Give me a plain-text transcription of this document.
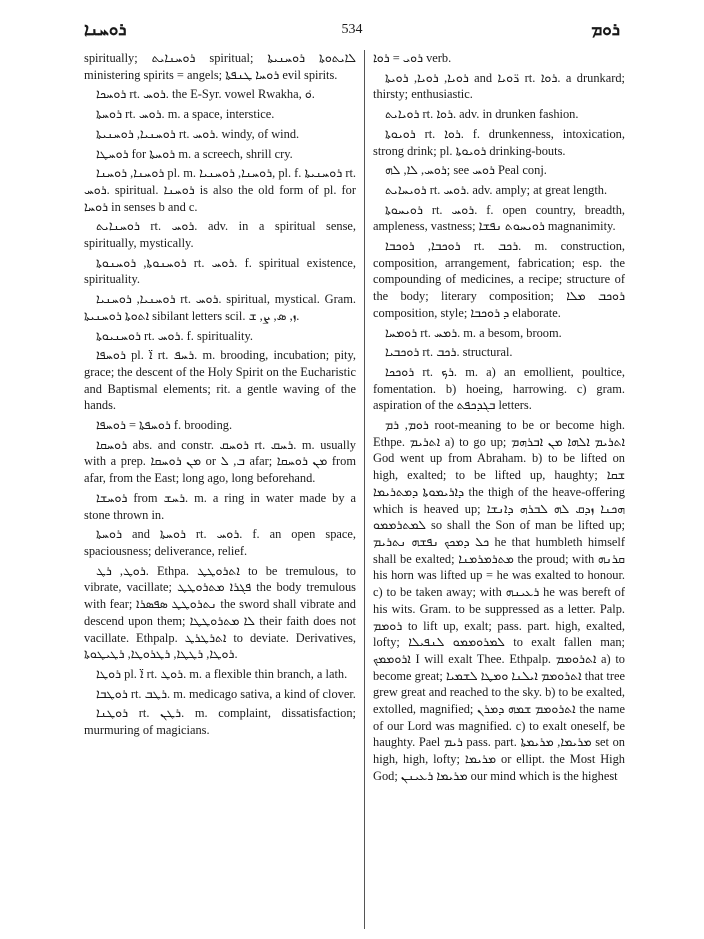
ܪܘܚܢܐ	534	ܪܘܡ

spiritually; ܪܘܚܢܐܝܬ spiritual; ܠܐܝܬܘܬܐ ܪܘܚܢܝܬܐ ministering spirits = angels; ܪܘܚܐ ܛܢܦܬܐ evil spirits.

ܪܘܚܟܐ rt. ܪܘܚ. the E-Syr. vowel Rwakha, ܘ݁.

ܪܘܚܬܐ rt. ܪܘܚ. m. a space, interstice.

ܪܘܚܢܝܐ, ܪܘܚܢܝܬܐ rt. ܪܘܚ. windy, of wind.

ܪܘܚܛܐ for ܪܘܚܬܐ m. a screech, shrill cry.

ܪܘܚܢܐ, ܪܘܚܢܐ pl. m. ܪܘܚܢܐ, ܪܘܚܢܝܐ, pl. f. ܪܘܚܢܝܬܐ rt. ܪܘܚ. spiritual. ܪܘܚܢܐ is also the old form of pl. for ܪܘܚܐ in senses b and c.

ܪܘܚܢܐܝܬ rt. ܪܘܚ. adv. in a spiritual sense, spiritually, mystically.

ܪܘܚܢܘܬܐ, ܪܘܚܢܘܬܐ rt. ܪܘܚ. f. spiritual existence, spirituality.

ܪܘܚܢܝܐ, ܪܘܚܢܝܐ rt. ܪܘܚ. spiritual, mystical. Gram. ܐܬܘܬܐ ܪܘܚܢܝܬܐ sibilant letters scil. ܙ, ܣ, ܨ, ܫ.

ܪܘܚܢܝܘܬܐ rt. ܪܘܚ. f. spirituality.

ܪܘܚܦܐ pl. ܐ̈ rt. ܪܚܦ. m. brooding, incubation; pity, grace; the descent of the Holy Spirit on the Eucharistic and Baptismal elements; rit. a gentle waving of the hands.

ܪܘܚܦܬܐ = ܪܘܚܦܐ f. brooding.

ܪܘܚܩܐ abs. and constr. ܪܘܚܩ rt. ܪܚܩ. m. usually with a prep. ܡܢ ܪܘܚܩܐ or ܒ, ܠ afar; ܡܢ ܪܘܚܩܐ from afar, from the East; long ago, long beforehand.

ܪܘܚܫܐ from ܪܚܫ. m. a ring in water made by a stone thrown in.

ܪܘܚܬܐ and ܪܘܚܬܐ rt. ܪܘܚ. f. an open space, spaciousness; deliverance, relief.

ܪܘܛ, ܪܛ. Ethpa. ܐܬܪܘܛܛ to be tremulous, to vibrate, vacillate; ܦܓܪܐ ܡܬܪܘܛܛ the body tremulous with fear; ܢܬܪܘܛܛ ܣܦܣܪܐ the sword shall vibrate and descend upon them; ܠܐ ܡܬܪܘܛܛܐ their faith does not vacillate. Ethpalp. ܐܬܪܛܪܛ to deviate. Derivatives, ܪܘܛܐ, ܪܛܛܐ, ܪܛܪܘܛܐ, ܪܛܝܛܘܬܐ.

ܪܘܛܐ pl. ܐ̈ rt. ܪܘܛ. m. a flexible thin branch, a lath.

ܪܘܛܒܐ rt. ܪܛܒ. m. medicago sativa, a kind of clover.

ܪܘܛܢܐ rt. ܪܛܢ. m. complaint, dissatisfaction; murmuring of magicians.

ܪܘܝ = ܪܘܐ verb.

ܪܘܝܐ, ܪܘܝܐ, ܪܘܝܬܐ and ܪ̈ܘܝܐ rt. ܪܘܐ. a drunkard; thirsty; enthusiastic.

ܪܘܝܐܝܬ rt. ܪܘܐ. adv. in drunken fashion.

ܪܘܝܘܬܐ rt. ܪܘܐ. f. drunkenness, intoxication, strong drink; pl. ܪܘܝܘܬܐ drinking-bouts.

ܪܘܚ, ܠܐ, ܠܗ; see ܪܘܚ Peal conj.

ܪܘܝܚܐܝܬ rt. ܪܘܚ. adv. amply; at great length.

ܪܘܝܚܘܬܐ rt. ܪܘܚ. f. open country, breadth, ampleness, vastness; ܪܘܝܚܘܬ ܢܦܫܐ magnanimity.

ܪܘܟܒܐ, ܪܘܟܒܐ rt. ܪܟܒ. m. construction, composition, arrangement, fabrication; esp. the compounding of medicines, a recipe; structure of the body; literary composition; ܪܘܟܒ ܡܠܐ composition, style; ܕ ܪܘܟܒܐ elaborate.

ܪܘܡܚܐ rt. ܪܡܚ. m. a besom, broom.

ܪܘܟܒܝܐ rt. ܪܟܒ. structural.

ܪܘܟܟܐ rt. ܪܟ. m. a) an emollient, poultice, fomentation. b) hoeing, harrowing. c) gram. aspiration of the ܒܓܕܟܦܬ letters.

ܪܘܡ, ܪܡ root-meaning to be or become high. Ethpe. ܐܬܪܝܡ a) to go up; ܐܬܪܝܡ ܐܠܗܐ ܡܢ ܐܒܪܗܡ God went up from Abraham. b) to be lifted on high, exalted; to be lifted up, haughty; ܫܩܐ ܕܐܪܝܡܘܬܐ ܕܡܬܪܝܡܐ the thigh of the heave-offering which is heaved up; ܗܟܢܐ ܙܕܩ ܠܗ ܠܒܪܗ ܕܐܢܫܐ ܠܡܬܪܡܡܘ so shall the Son of man be lifted up; ܟܠ ܕܡܟܟ ܢܦܫܗ ܢܬܪܝܡ he that humbleth himself shall be exalted; ܡܬܪܡܪܡܢܐ the proud; with ܩܪܢܗ his horn was lifted up = he was exalted to honour. c) to be taken away; with ܪܥܝܢܗ he was bereft of his wits. Gram. to be suppressed as a letter. Palp. ܪܘܡܡ to lift up, exalt; pass. part. high, exalted, lofty; ܠܡܪܘܡܡܘ ܠܢܦܝܠܐ to exalt fallen man; ܐܪܘܡܡܟ I will exalt Thee. Ethpalp. ܐܬܪܘܡܡ a) to become great; ܐܬܪܘܡܡ ܐܝܠܢܐ ܘܡܛܐ ܠܫܡܝܐ that tree grew great and reached to the sky. b) to be exalted, extolled, magnified; ܐܬܪܘܡܡ ܫܡܗ ܕܡܪܢ the name of our Lord was magnified. c) to exalt oneself, be haughty. Pael ܪܝܡ pass. part. ܡܪܝܡܐ, ܡܪܝܡܬܐ set on high, high, lofty; ܡܪܝܡܐ or ellipt. the Most High God; ܡܪܝܡܐ ܪܥܝܢܢ our mind which is the highest
